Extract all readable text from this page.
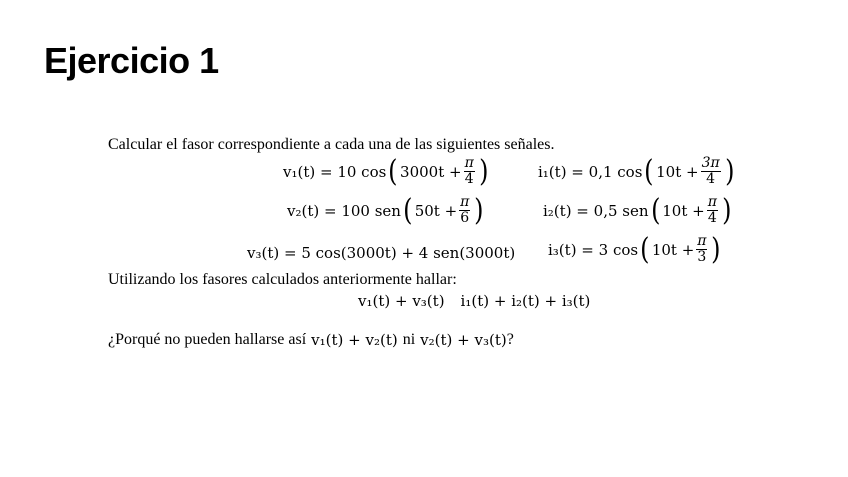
Ejercicio 1
Calcular el fasor correspondiente a cada una de las siguientes señales.
v₁(t) = 10 cos ( $3000t + \frac{\pi}{4}$ )	i₁(t) = 0,1 cos ( $10t + \frac{3\pi}{4}$ )
v₂(t) = 100 sen ( $50t + \frac{\pi}{6}$ )	i₂(t) = 0,5 sen ( $10t + \frac{\pi}{4}$ )
v₃(t) = 5 cos(3000t) + 4 sen(3000t) i₃(t) = 3 cos ( $10t + \frac{\pi}{3}$ )
Utilizando los fasores calculados anteriormente hallar:
v₁(t) + v₃(t) i₁(t) + i₂(t) + i₃(t)
¿Porqué no pueden hallarse así v₁(t) + v₂(t) ni v₂(t) + v₃(t) ?
